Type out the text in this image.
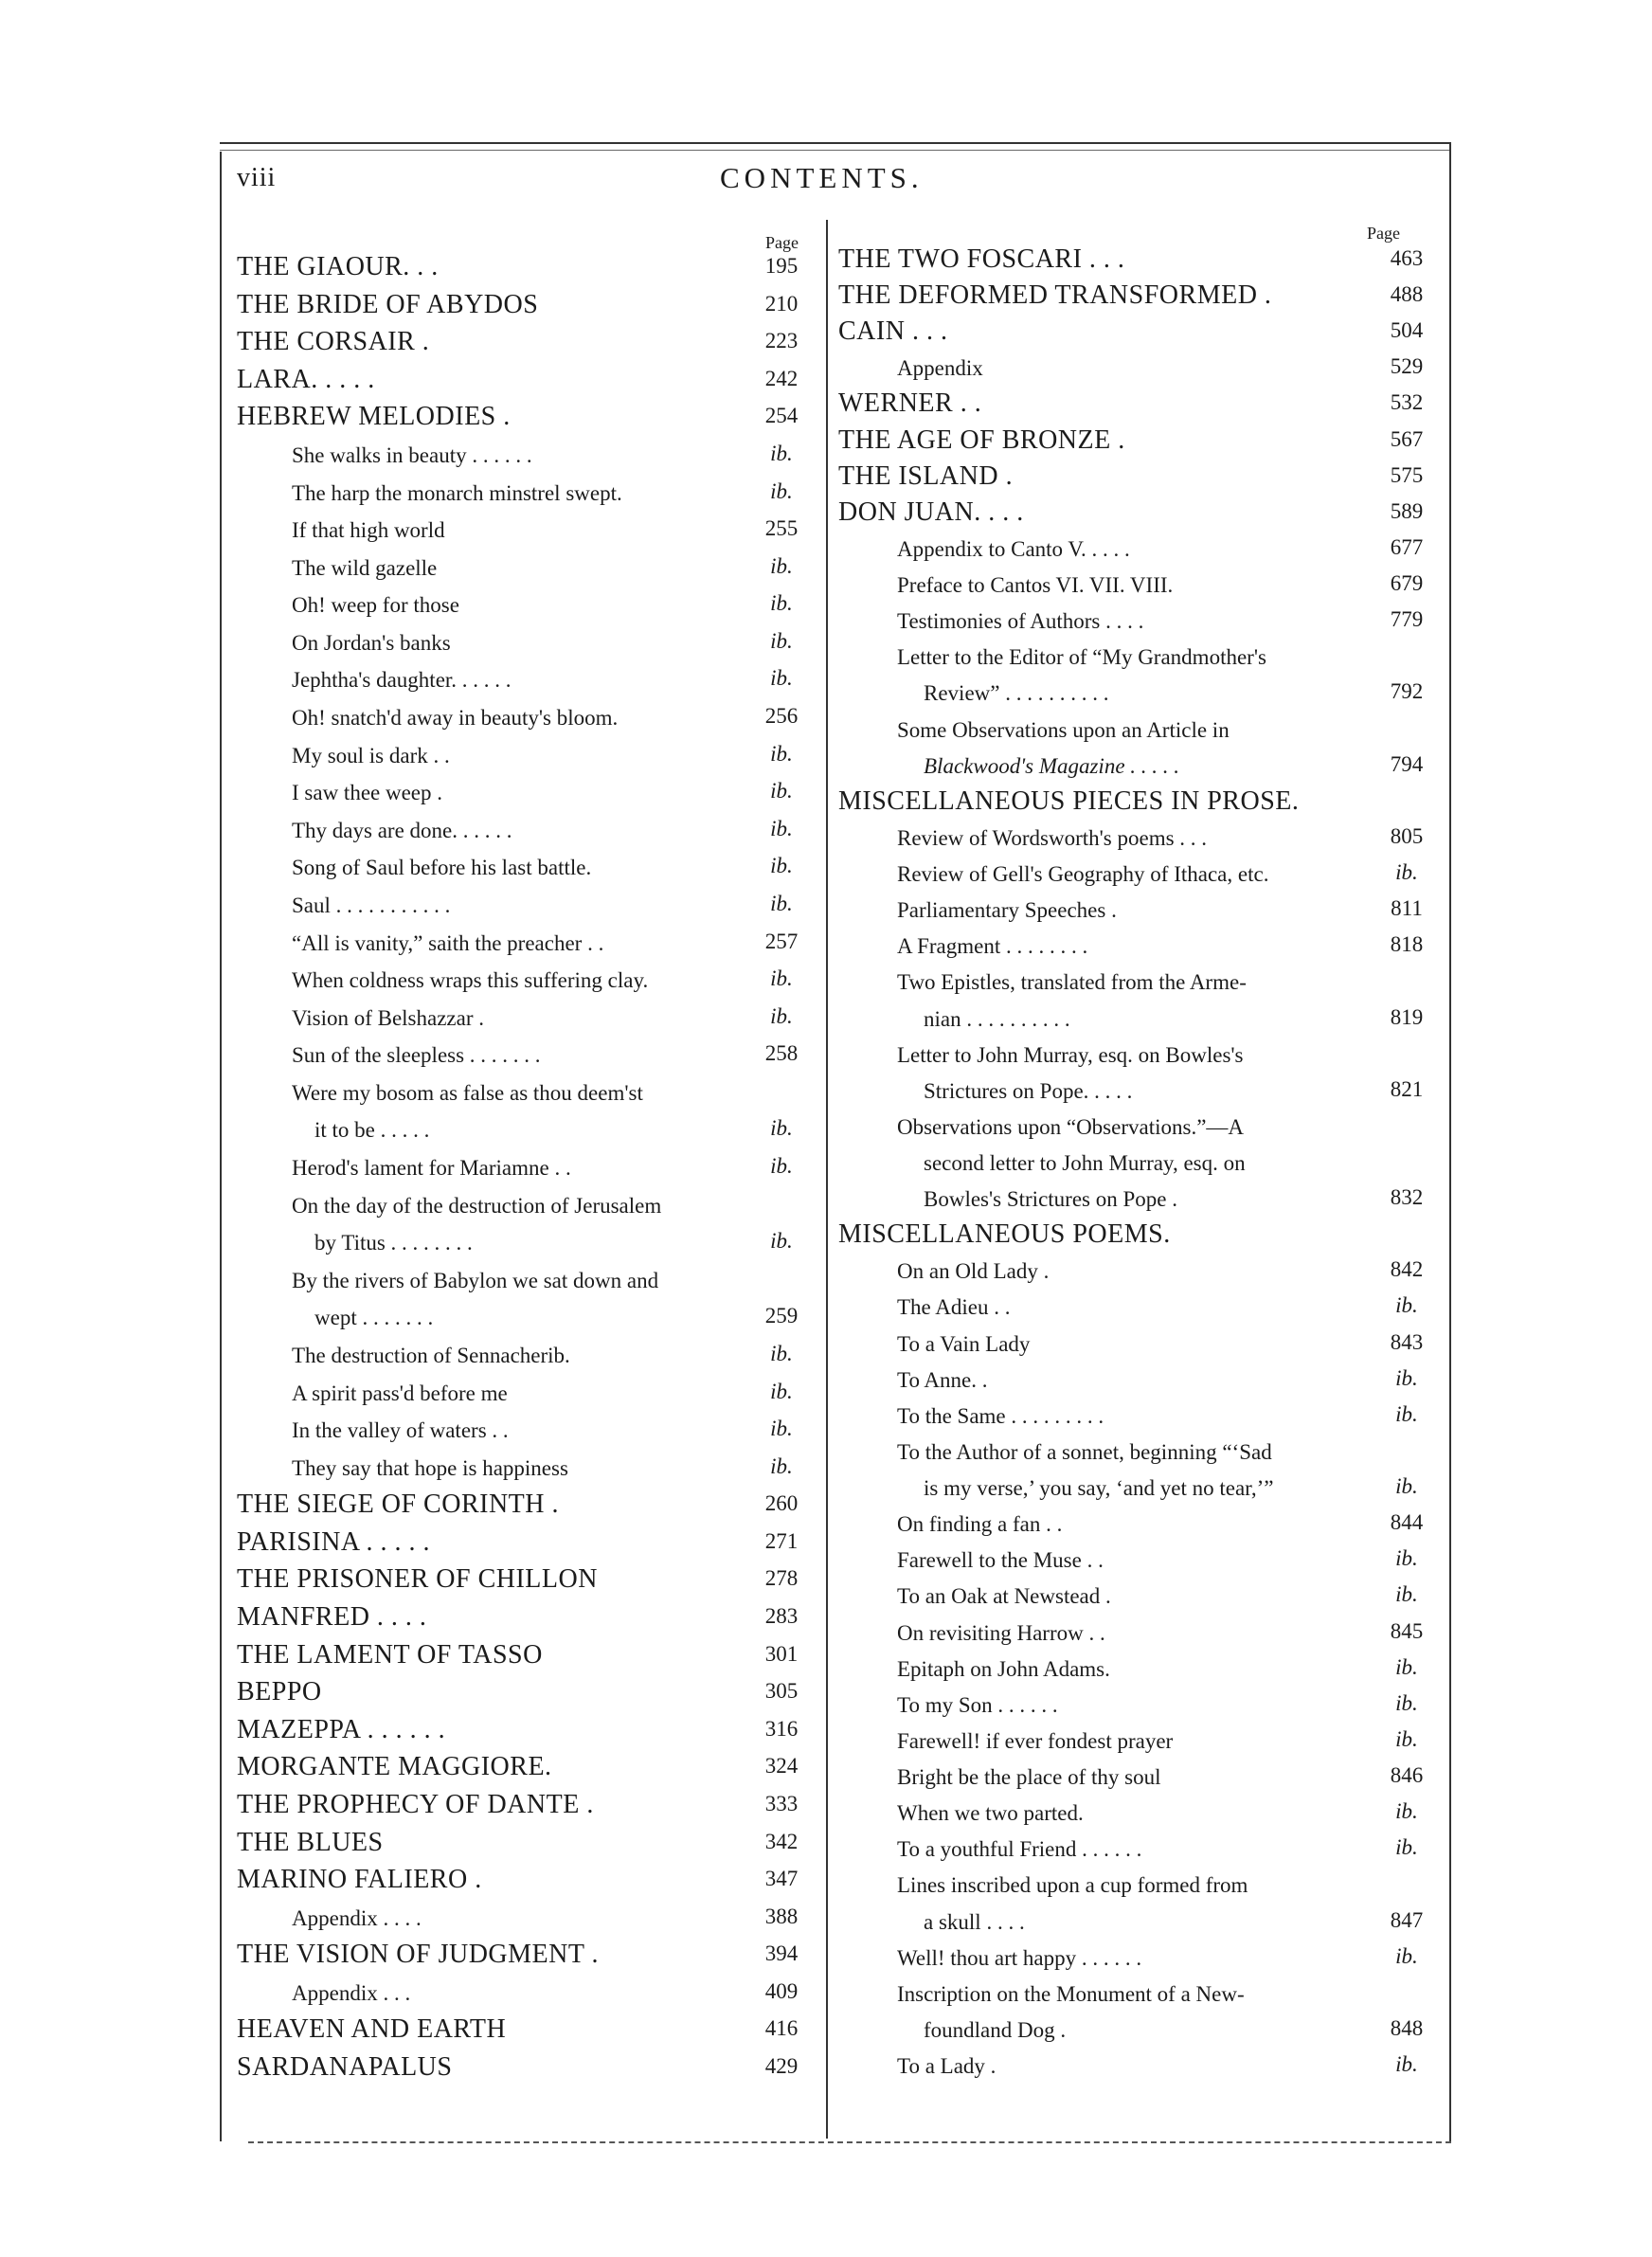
viii	CONTENTS.
Page	Page
THE GIAOUR. . .	195
THE BRIDE OF ABYDOS	210
THE CORSAIR .	223
LARA. . . . .	242
HEBREW MELODIES .	254
She walks in beauty . . . . . .	ib.
The harp the monarch minstrel swept.	ib.
If that high world	255
The wild gazelle	ib.
Oh! weep for those	ib.
On Jordan's banks	ib.
Jephtha's daughter. . . . . .	ib.
Oh! snatch'd away in beauty's bloom.	256
My soul is dark . .	ib.
I saw thee weep .	ib.
Thy days are done. . . . . .	ib.
Song of Saul before his last battle.	ib.
Saul . . . . . . . . . . .	ib.
“All is vanity,” saith the preacher . .	257
When coldness wraps this suffering clay.	ib.
Vision of Belshazzar .	ib.
Sun of the sleepless . . . . . . .	258
Were my bosom as false as thou deem'st
it to be . . . . .	ib.
Herod's lament for Mariamne . .	ib.
On the day of the destruction of Jerusalem
by Titus . . . . . . . .	ib.
By the rivers of Babylon we sat down and
wept . . . . . . .	259
The destruction of Sennacherib.	ib.
A spirit pass'd before me	ib.
In the valley of waters . .	ib.
They say that hope is happiness	ib.
THE SIEGE OF CORINTH .	260
PARISINA . . . . .	271
THE PRISONER OF CHILLON	278
MANFRED . . . .	283
THE LAMENT OF TASSO	301
BEPPO	305
MAZEPPA . . . . . .	316
MORGANTE MAGGIORE.	324
THE PROPHECY OF DANTE .	333
THE BLUES	342
MARINO FALIERO .	347
Appendix . . . .	388
THE VISION OF JUDGMENT .	394
Appendix . . .	409
HEAVEN AND EARTH	416
SARDANAPALUS	429
THE TWO FOSCARI . . .	463
THE DEFORMED TRANSFORMED .	488
CAIN . . .	504
Appendix	529
WERNER . .	532
THE AGE OF BRONZE .	567
THE ISLAND .	575
DON JUAN. . . .	589
Appendix to Canto V. . . . .	677
Preface to Cantos VI. VII. VIII.	679
Testimonies of Authors . . . .	779
Letter to the Editor of “My Grandmother's
Review” . . . . . . . . . .	792
Some Observations upon an Article in
Blackwood's Magazine . . . . .	794
MISCELLANEOUS PIECES IN PROSE.
Review of Wordsworth's poems . . .	805
Review of Gell's Geography of Ithaca, etc.	ib.
Parliamentary Speeches .	811
A Fragment . . . . . . . .	818
Two Epistles, translated from the Arme-
nian . . . . . . . . . .	819
Letter to John Murray, esq. on Bowles's
Strictures on Pope. . . . .	821
Observations upon “Observations.”—A
second letter to John Murray, esq. on
Bowles's Strictures on Pope .	832
MISCELLANEOUS POEMS.
On an Old Lady .	842
The Adieu . .	ib.
To a Vain Lady	843
To Anne. .	ib.
To the Same . . . . . . . . .	ib.
To the Author of a sonnet, beginning “‘Sad
is my verse,’ you say, ‘and yet no tear,’”	ib.
On finding a fan . .	844
Farewell to the Muse . .	ib.
To an Oak at Newstead .	ib.
On revisiting Harrow . .	845
Epitaph on John Adams.	ib.
To my Son . . . . . .	ib.
Farewell! if ever fondest prayer	ib.
Bright be the place of thy soul	846
When we two parted.	ib.
To a youthful Friend . . . . . .	ib.
Lines inscribed upon a cup formed from
a skull . . . .	847
Well! thou art happy . . . . . .	ib.
Inscription on the Monument of a New-
foundland Dog .	848
To a Lady .	ib.
